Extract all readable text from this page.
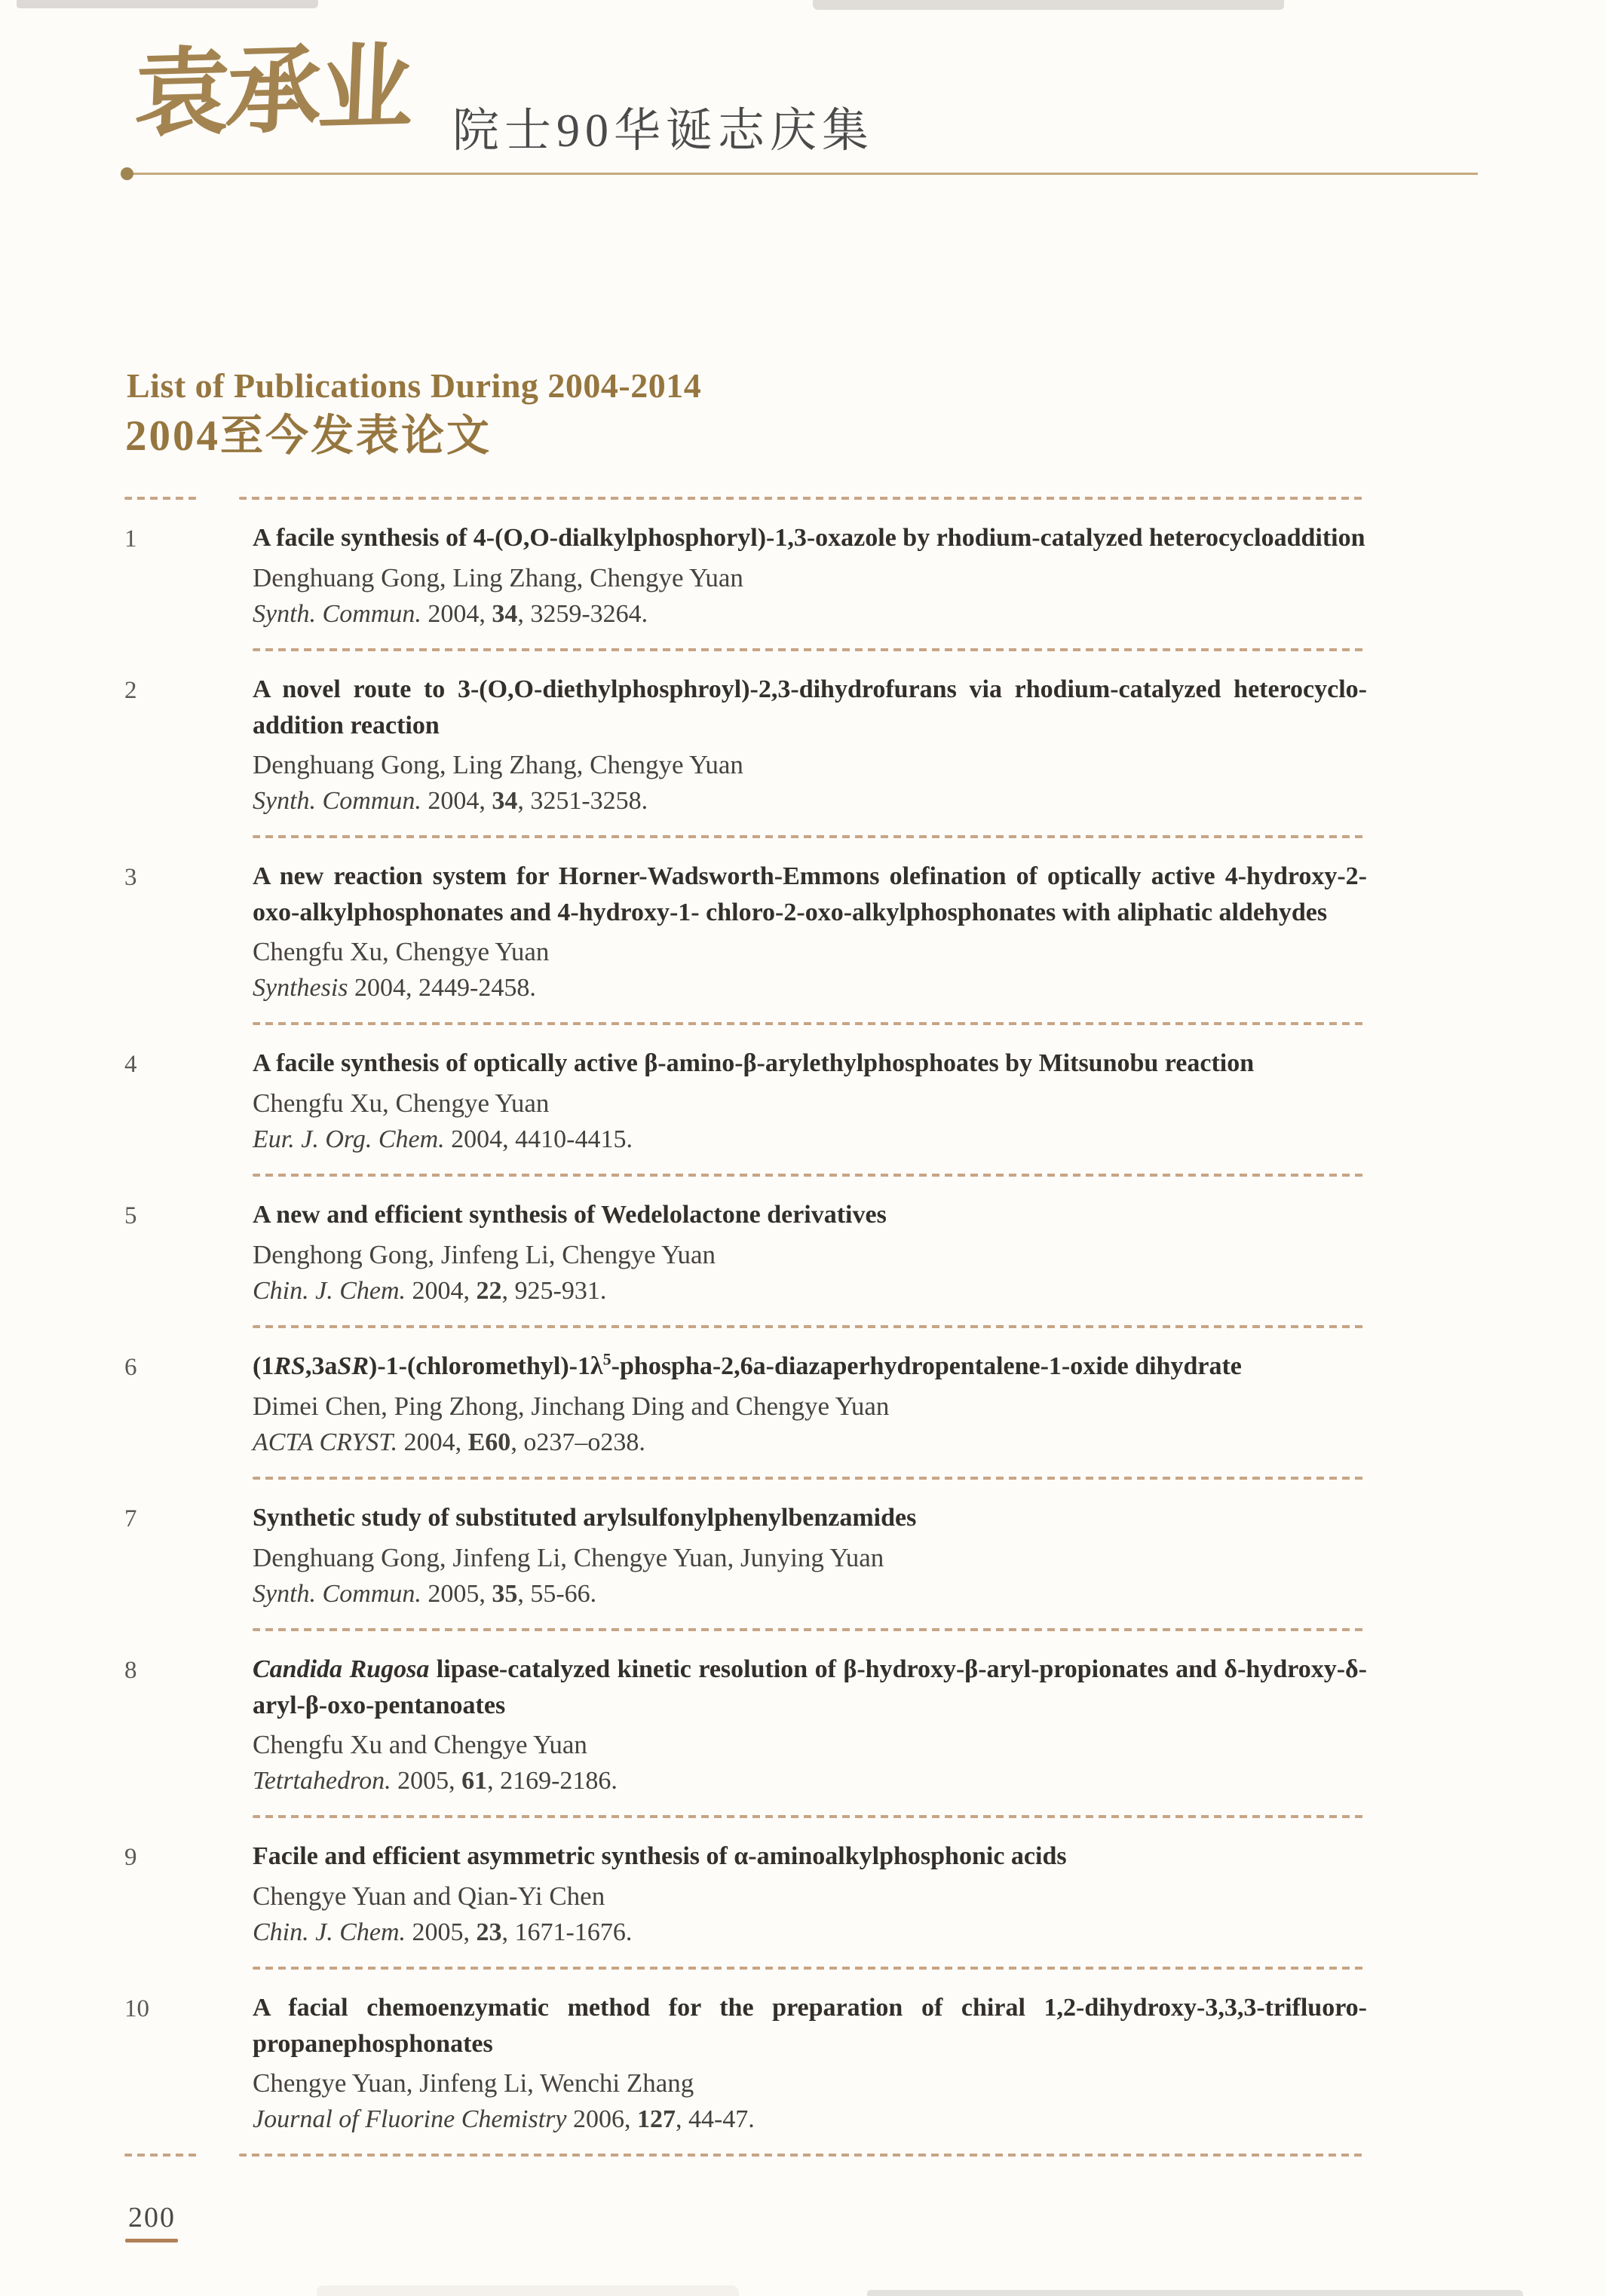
袁承业 院士90华诞志庆集
List of Publications During 2004-2014
2004至今发表论文
1	A facile synthesis of 4-(O,O-dialkylphosphoryl)-1,3-oxazole by rhodium-catalyzed heterocycloaddition
Denghuang Gong, Ling Zhang, Chengye Yuan
Synth. Commun. 2004, 34, 3259-3264.
2	A novel route to 3-(O,O-diethylphosphroyl)-2,3-dihydrofurans via rhodium-catalyzed heterocyclo-addition reaction
Denghuang Gong, Ling Zhang, Chengye Yuan
Synth. Commun. 2004, 34, 3251-3258.
3	A new reaction system for Horner-Wadsworth-Emmons olefination of optically active 4-hydroxy-2-oxo-alkylphosphonates and 4-hydroxy-1- chloro-2-oxo-alkylphosphonates with aliphatic aldehydes
Chengfu Xu, Chengye Yuan
Synthesis 2004, 2449-2458.
4	A facile synthesis of optically active β-amino-β-arylethylphosphoates by Mitsunobu reaction
Chengfu Xu, Chengye Yuan
Eur. J. Org. Chem. 2004, 4410-4415.
5	A new and efficient synthesis of Wedelolactone derivatives
Denghong Gong, Jinfeng Li, Chengye Yuan
Chin. J. Chem. 2004, 22, 925-931.
6	$(1RS,3aSR)-1-(chloromethyl)-1\lambda^5-phospha-2,6a-diazaperhydropentalene-1$-oxide dihydrate
Dimei Chen, Ping Zhong, Jinchang Ding and Chengye Yuan
ACTA CRYST. 2004, E60, o237–o238.
7	Synthetic study of substituted arylsulfonylphenylbenzamides
Denghuang Gong, Jinfeng Li, Chengye Yuan, Junying Yuan
Synth. Commun. 2005, 35, 55-66.
8	Candida Rugosa lipase-catalyzed kinetic resolution of β-hydroxy-β-aryl-propionates and δ-hydroxy-δ-aryl-β-oxo-pentanoates
Chengfu Xu and Chengye Yuan
Tetrtahedron. 2005, 61, 2169-2186.
9	Facile and efficient asymmetric synthesis of α-aminoalkylphosphonic acids
Chengye Yuan and Qian-Yi Chen
Chin. J. Chem. 2005, 23, 1671-1676.
10	A facial chemoenzymatic method for the preparation of chiral 1,2-dihydroxy-3,3,3-trifluoro-propanephosphonates
Chengye Yuan, Jinfeng Li, Wenchi Zhang
Journal of Fluorine Chemistry 2006, 127, 44-47.
200
